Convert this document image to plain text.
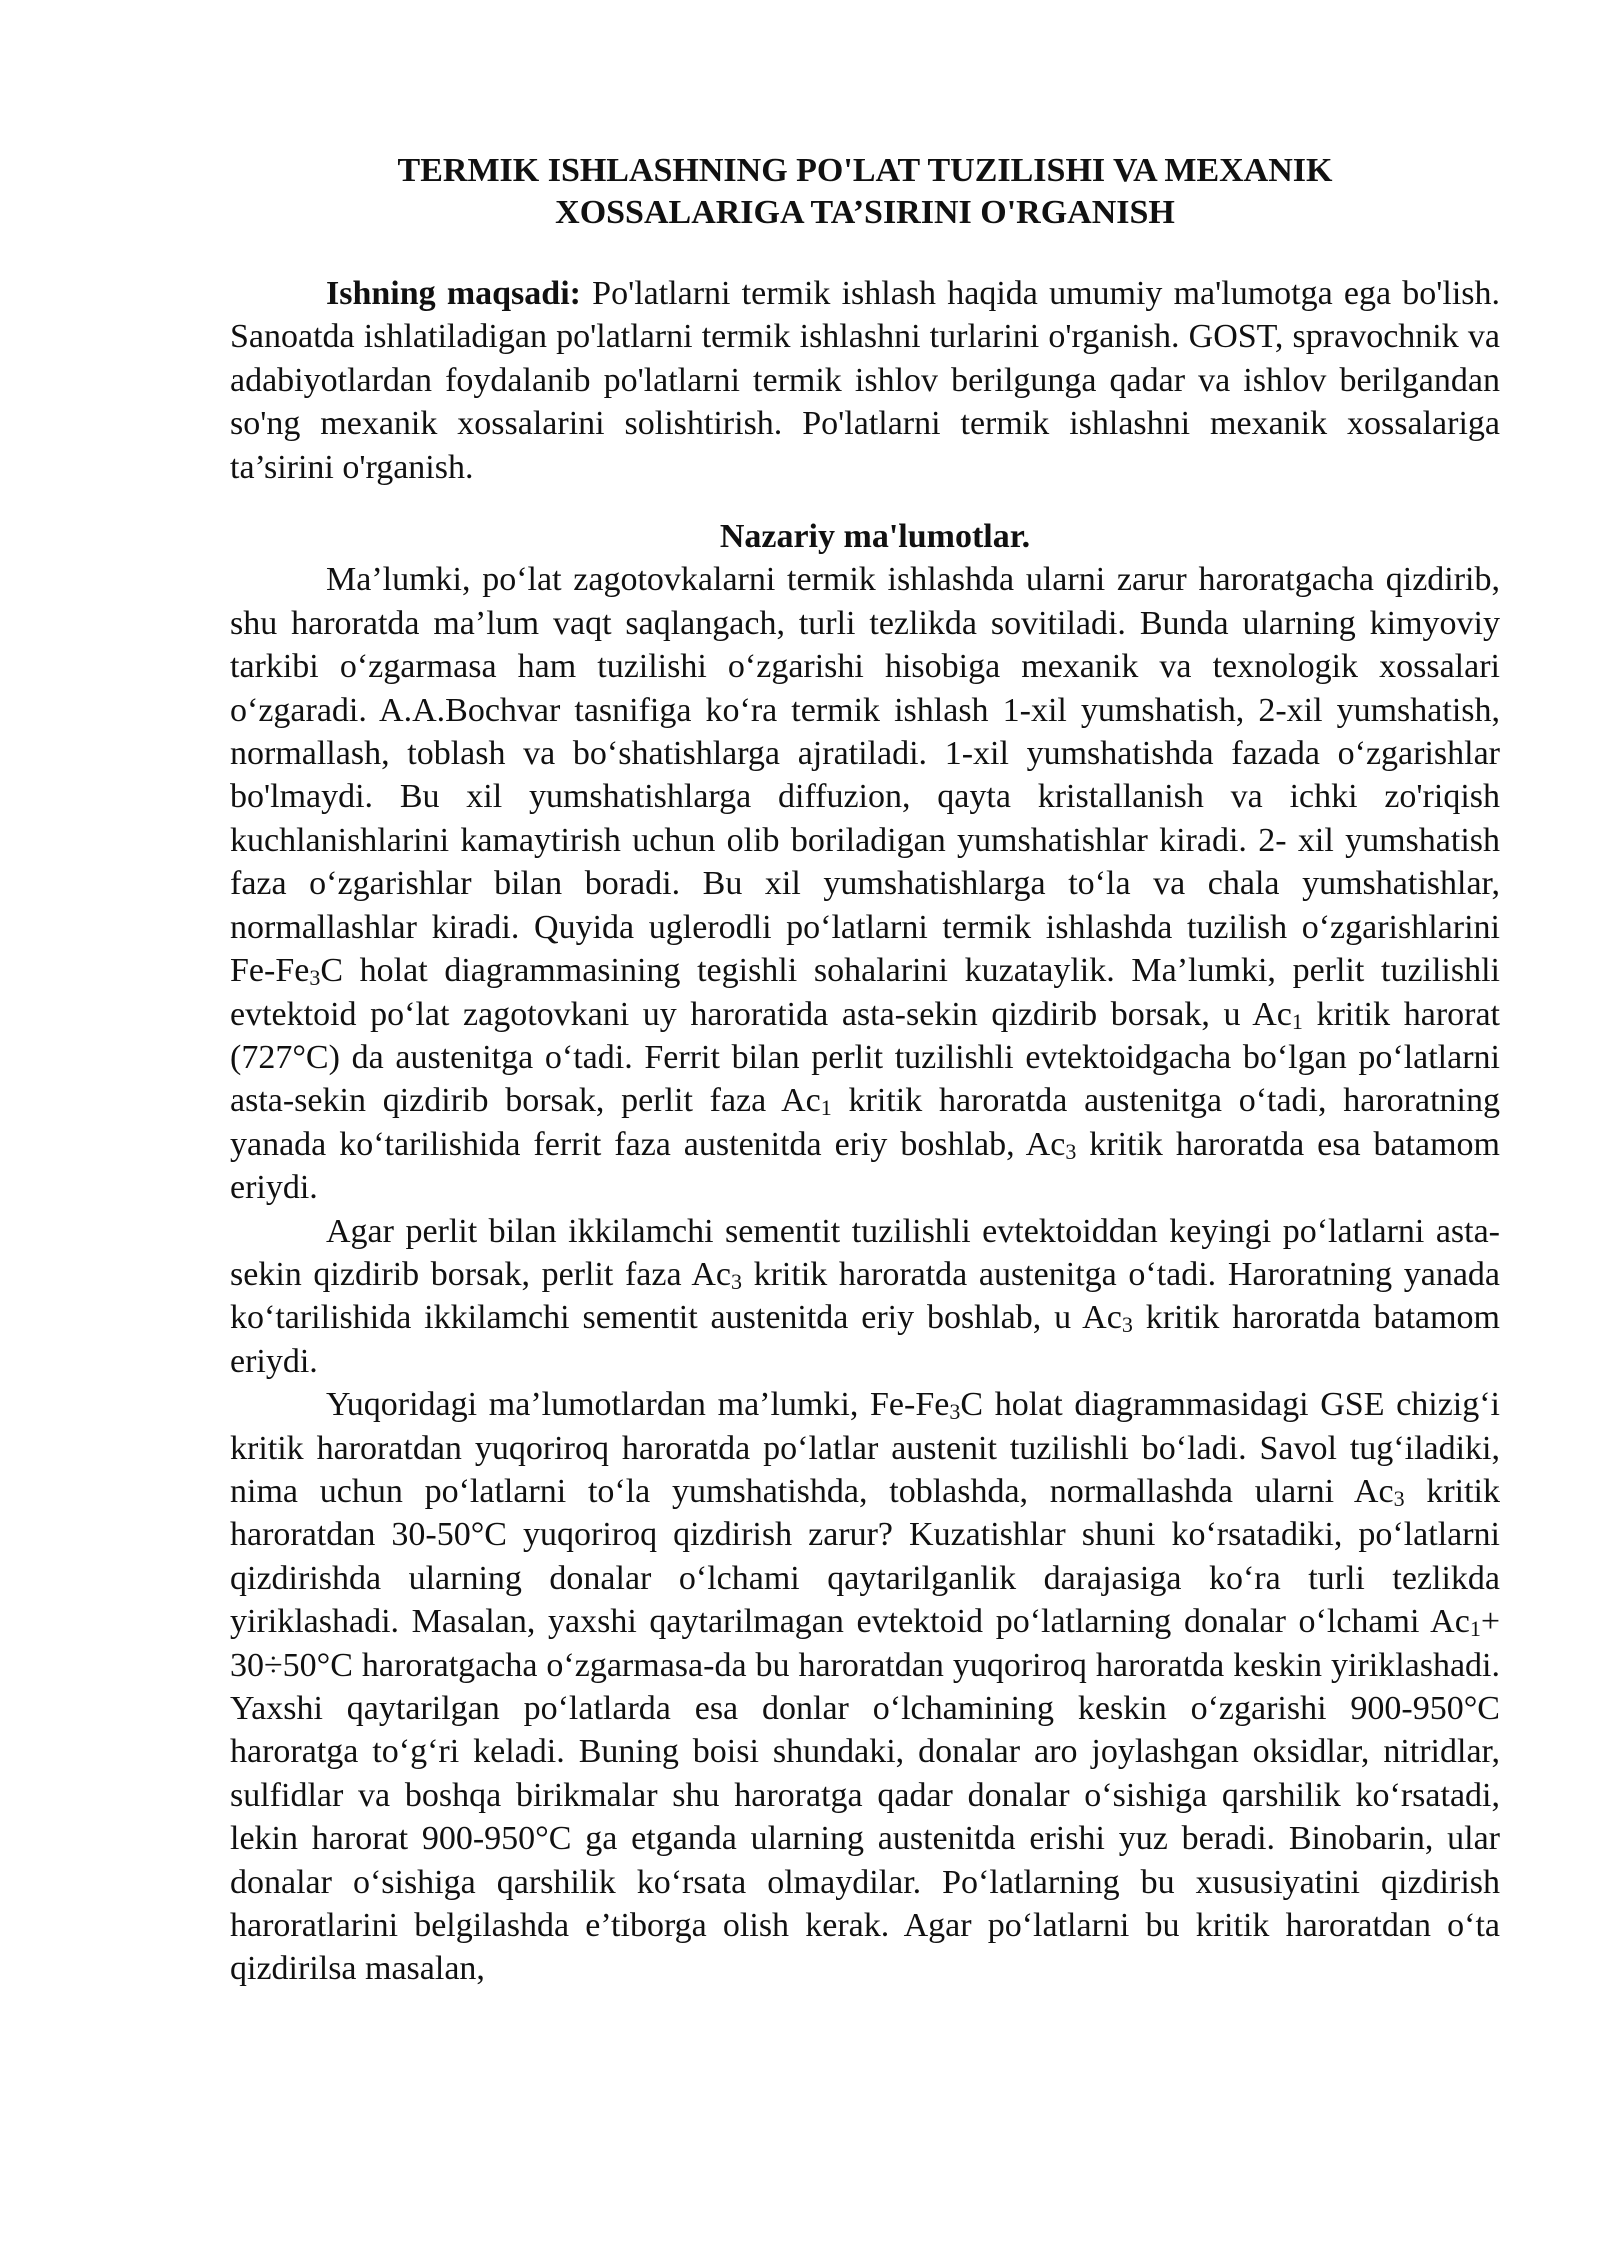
TERMIK ISHLASHNING PO'LAT TUZILISHI VA MEXANIK
XOSSALARIGA TA’SIRINI O'RGANISH

Ishning maqsadi: Po'latlarni termik ishlash haqida umumiy ma'lumotga ega bo'lish. Sanoatda ishlatiladigan po'latlarni termik ishlashni turlarini o'rganish. GOST, spravochnik va adabiyotlardan foydalanib po'latlarni termik ishlov berilgunga qadar va ishlov berilgandan so'ng mexanik xossalarini solishtirish. Po'latlarni termik ishlashni mexanik xossalariga ta’sirini o'rganish.

Nazariy ma'lumotlar.

Ma’lumki, po‘lat zagotovkalarni termik ishlashda ularni zarur haroratgacha qizdirib, shu haroratda ma’lum vaqt saqlangach, turli tezlikda sovitiladi. Bunda ularning kimyoviy tarkibi o‘zgarmasa ham tuzilishi o‘zgarishi hisobiga mexanik va texnologik xossalari o‘zgaradi. A.A.Bochvar tasnifiga ko‘ra termik ishlash 1-xil yumshatish, 2-xil yumshatish, normallash, toblash va bo‘shatishlarga ajratiladi. 1-xil yumshatishda fazada o‘zgarishlar bo'lmaydi. Bu xil yumshatishlarga diffuzion, qayta kristallanish va ichki zo'riqish kuchlanishlarini kamaytirish uchun olib boriladigan yumshatishlar kiradi. 2- xil yumshatish faza o‘zgarishlar bilan boradi. Bu xil yumshatishlarga to‘la va chala yumshatishlar, normallashlar kiradi. Quyida uglerodli po‘latlarni termik ishlashda tuzilish o‘zgarishlarini $Fe-Fe_3C$ holat diagrammasining tegishli sohalarini kuzataylik. Ma’lumki, perlit tuzilishli evtektoid po‘lat zagotovkani uy haroratida asta-sekin qizdirib borsak, u $Ac_1$ kritik harorat (727°C) da austenitga o‘tadi. Ferrit bilan perlit tuzilishli evtektoidgacha bo‘lgan po‘latlarni asta-sekin qizdirib borsak, perlit faza $Ac_1$ kritik haroratda austenitga o‘tadi, haroratning yanada ko‘tarilishida ferrit faza austenitda eriy boshlab, $Ac_3$ kritik haroratda esa batamom eriydi.

Agar perlit bilan ikkilamchi sementit tuzilishli evtektoiddan keyingi po‘latlarni asta-sekin qizdirib borsak, perlit faza $Ac_3$ kritik haroratda austenitga o‘tadi. Haroratning yanada ko‘tarilishida ikkilamchi sementit austenitda eriy boshlab, u $Ac_3$ kritik haroratda batamom eriydi.

Yuqoridagi ma’lumotlardan ma’lumki, $Fe-Fe_3C$ holat diagrammasidagi GSE chizig‘i kritik haroratdan yuqoriroq haroratda po‘latlar austenit tuzilishli bo‘ladi. Savol tug‘iladiki, nima uchun po‘latlarni to‘la yumshatishda, toblashda, normallashda ularni $Ac_3$ kritik haroratdan 30-50°C yuqoriroq qizdirish zarur? Kuzatishlar shuni ko‘rsatadiki, po‘latlarni qizdirishda ularning donalar o‘lchami qaytarilganlik darajasiga ko‘ra turli tezlikda yiriklashadi. Masalan, yaxshi qaytarilmagan evtektoid po‘latlarning donalar o‘lchami $Ac_1+ 30\div 50^\circ C$ haroratgacha o‘zgarmasa-da bu haroratdan yuqoriroq haroratda keskin yiriklashadi. Yaxshi qaytarilgan po‘latlarda esa donlar o‘lchamining keskin o‘zgarishi 900-950°C haroratga to‘g‘ri keladi. Buning boisi shundaki, donalar aro joylashgan oksidlar, nitridlar, sulfidlar va boshqa birikmalar shu haroratga qadar donalar o‘sishiga qarshilik ko‘rsatadi, lekin harorat 900-950°C ga etganda ularning austenitda erishi yuz beradi. Binobarin, ular donalar o‘sishiga qarshilik ko‘rsata olmaydilar. Po‘latlarning bu xususiyatini qizdirish haroratlarini belgilashda e’tiborga olish kerak. Agar po‘latlarni bu kritik haroratdan o‘ta qizdirilsa masalan,
